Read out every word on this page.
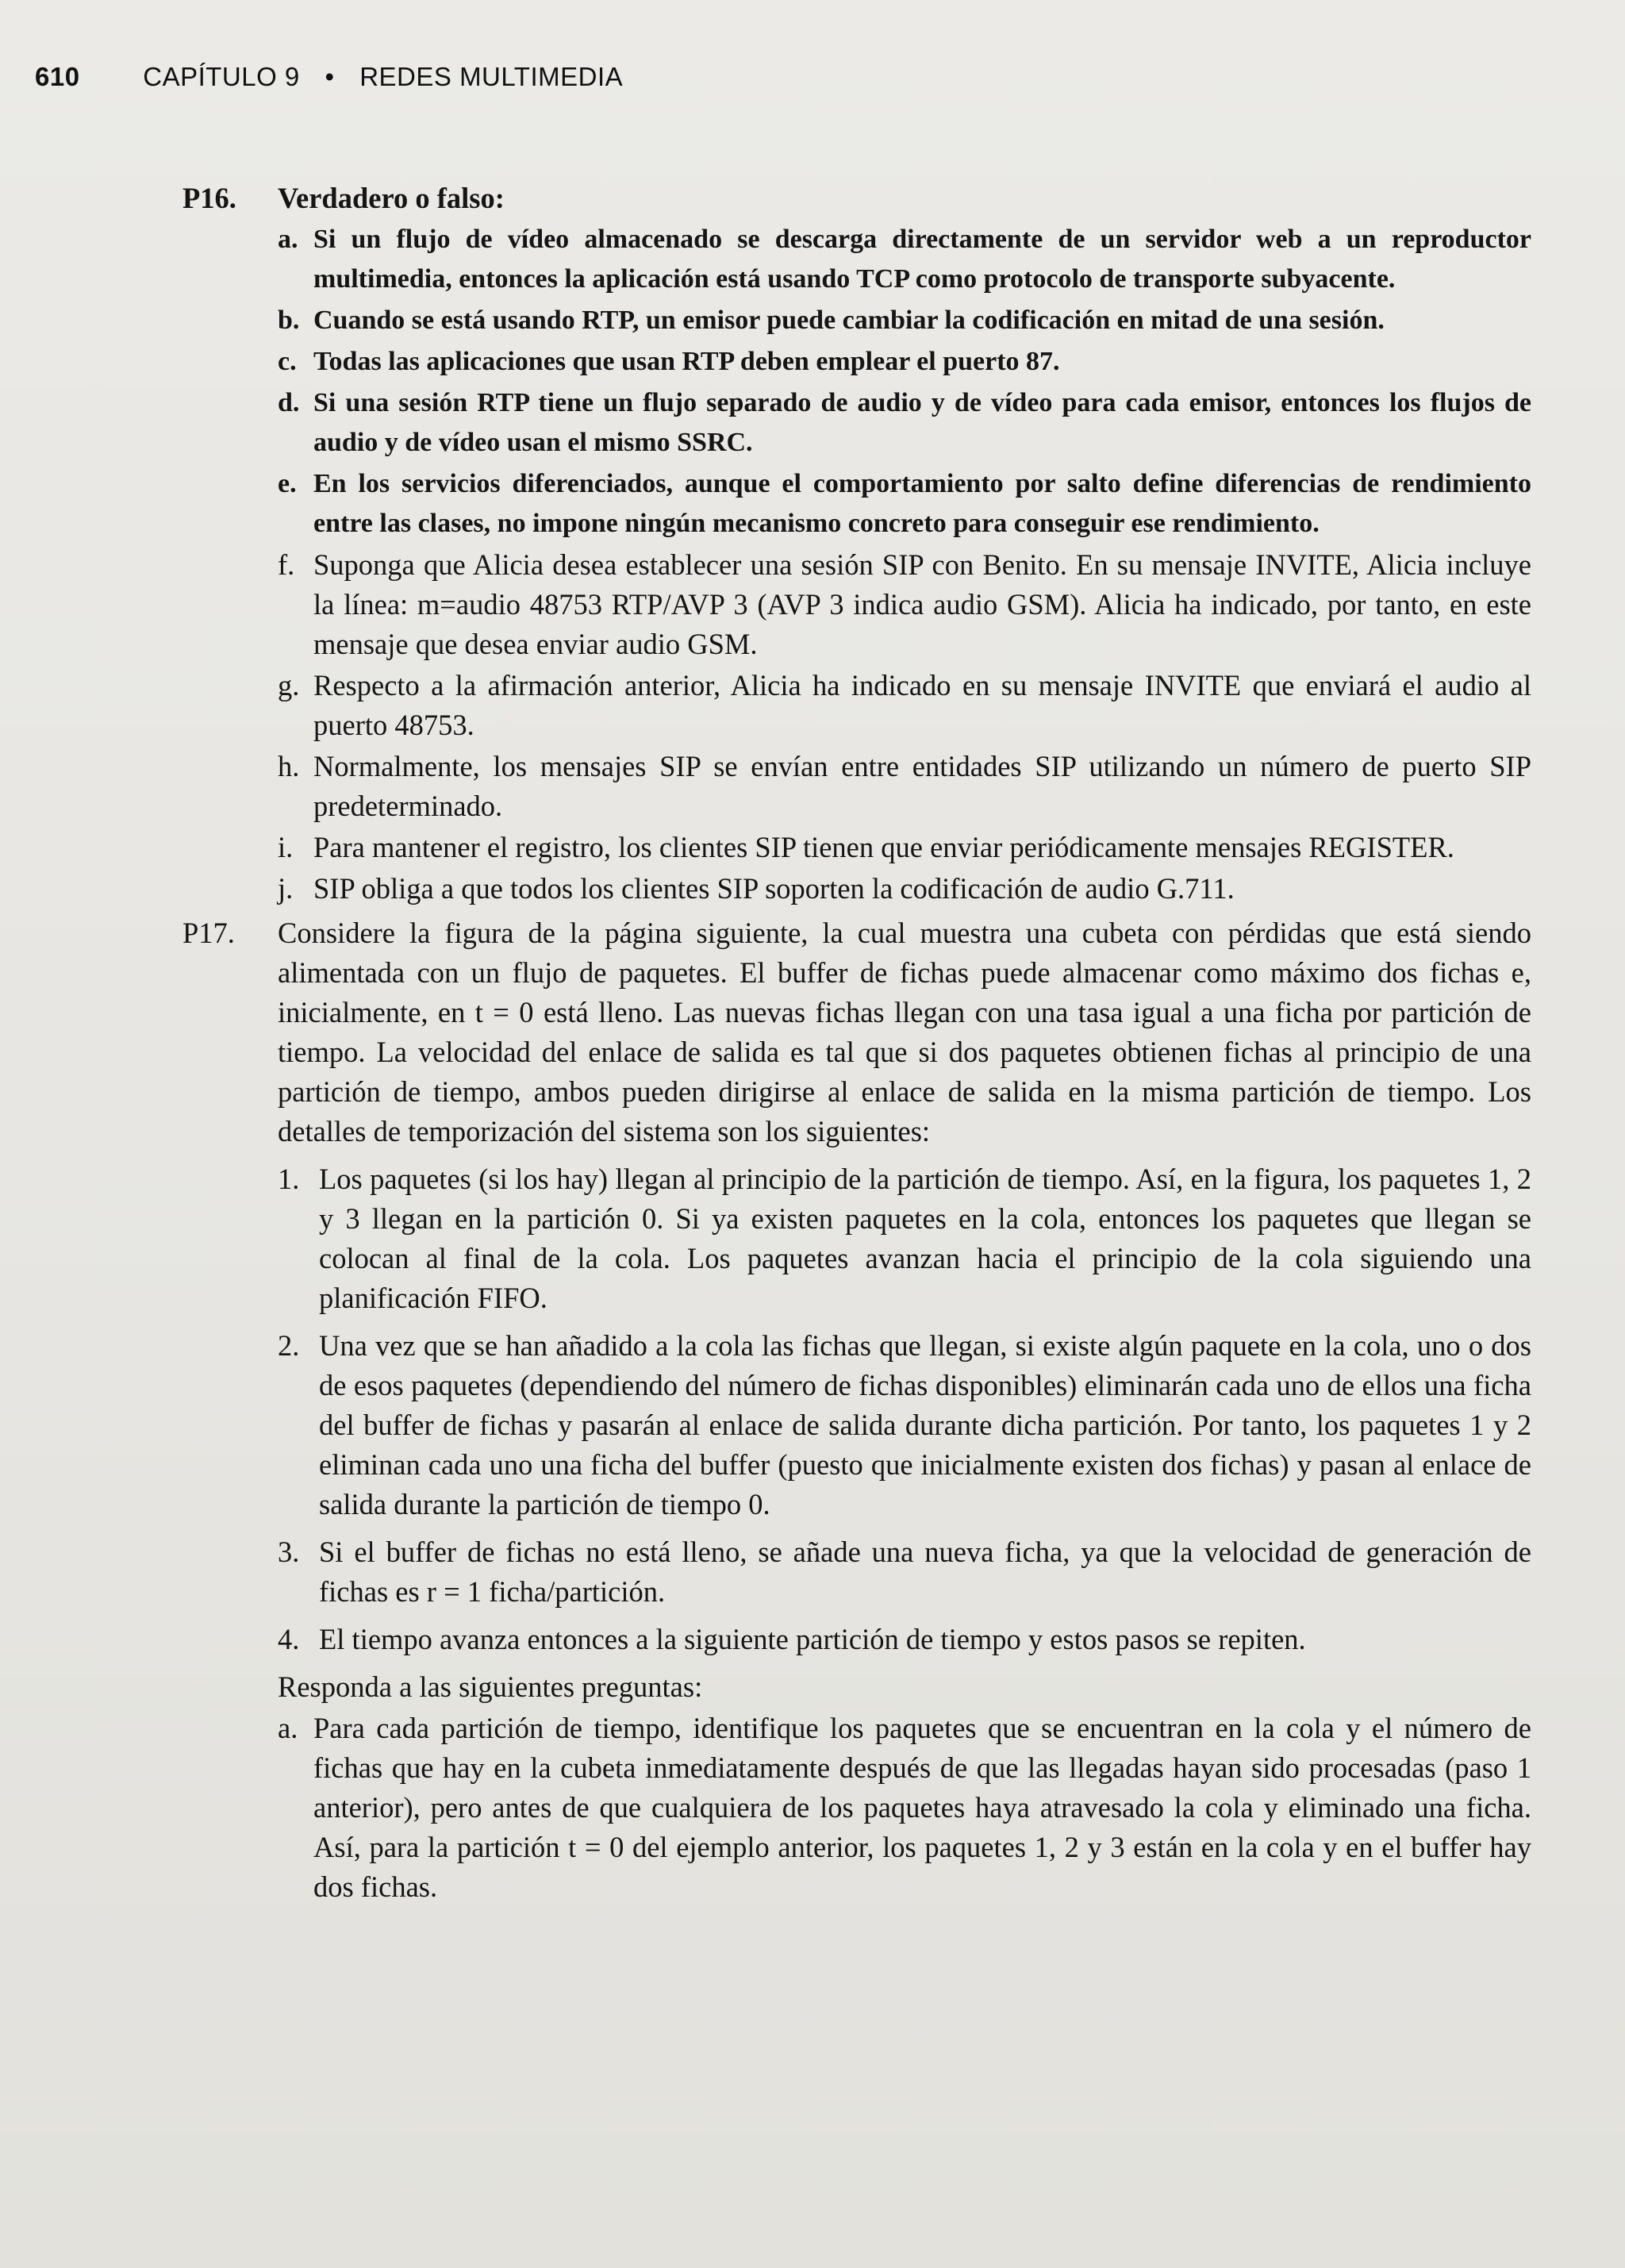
610 CAPÍTULO 9 • REDES MULTIMEDIA
P16. Verdadero o falso:
a. Si un flujo de vídeo almacenado se descarga directamente de un servidor web a un reproductor multimedia, entonces la aplicación está usando TCP como protocolo de transporte subyacente.
b. Cuando se está usando RTP, un emisor puede cambiar la codificación en mitad de una sesión.
c. Todas las aplicaciones que usan RTP deben emplear el puerto 87.
d. Si una sesión RTP tiene un flujo separado de audio y de vídeo para cada emisor, entonces los flujos de audio y de vídeo usan el mismo SSRC.
e. En los servicios diferenciados, aunque el comportamiento por salto define diferencias de rendimiento entre las clases, no impone ningún mecanismo concreto para conseguir ese rendimiento.
f. Suponga que Alicia desea establecer una sesión SIP con Benito. En su mensaje INVITE, Alicia incluye la línea: m=audio 48753 RTP/AVP 3 (AVP 3 indica audio GSM). Alicia ha indicado, por tanto, en este mensaje que desea enviar audio GSM.
g. Respecto a la afirmación anterior, Alicia ha indicado en su mensaje INVITE que enviará el audio al puerto 48753.
h. Normalmente, los mensajes SIP se envían entre entidades SIP utilizando un número de puerto SIP predeterminado.
i. Para mantener el registro, los clientes SIP tienen que enviar periódicamente mensajes REGISTER.
j. SIP obliga a que todos los clientes SIP soporten la codificación de audio G.711.
P17. Considere la figura de la página siguiente, la cual muestra una cubeta con pérdidas que está siendo alimentada con un flujo de paquetes. El buffer de fichas puede almacenar como máximo dos fichas e, inicialmente, en t = 0 está lleno. Las nuevas fichas llegan con una tasa igual a una ficha por partición de tiempo. La velocidad del enlace de salida es tal que si dos paquetes obtienen fichas al principio de una partición de tiempo, ambos pueden dirigirse al enlace de salida en la misma partición de tiempo. Los detalles de temporización del sistema son los siguientes:

1. Los paquetes (si los hay) llegan al principio de la partición de tiempo. Así, en la figura, los paquetes 1, 2 y 3 llegan en la partición 0. Si ya existen paquetes en la cola, entonces los paquetes que llegan se colocan al final de la cola. Los paquetes avanzan hacia el principio de la cola siguiendo una planificación FIFO.
2. Una vez que se han añadido a la cola las fichas que llegan, si existe algún paquete en la cola, uno o dos de esos paquetes (dependiendo del número de fichas disponibles) eliminarán cada uno de ellos una ficha del buffer de fichas y pasarán al enlace de salida durante dicha partición. Por tanto, los paquetes 1 y 2 eliminan cada uno una ficha del buffer (puesto que inicialmente existen dos fichas) y pasan al enlace de salida durante la partición de tiempo 0.
3. Si el buffer de fichas no está lleno, se añade una nueva ficha, ya que la velocidad de generación de fichas es r = 1 ficha/partición.
4. El tiempo avanza entonces a la siguiente partición de tiempo y estos pasos se repiten.

Responda a las siguientes preguntas:

a. Para cada partición de tiempo, identifique los paquetes que se encuentran en la cola y el número de fichas que hay en la cubeta inmediatamente después de que las llegadas hayan sido procesadas (paso 1 anterior), pero antes de que cualquiera de los paquetes haya atravesado la cola y eliminado una ficha. Así, para la partición t = 0 del ejemplo anterior, los paquetes 1, 2 y 3 están en la cola y en el buffer hay dos fichas.
